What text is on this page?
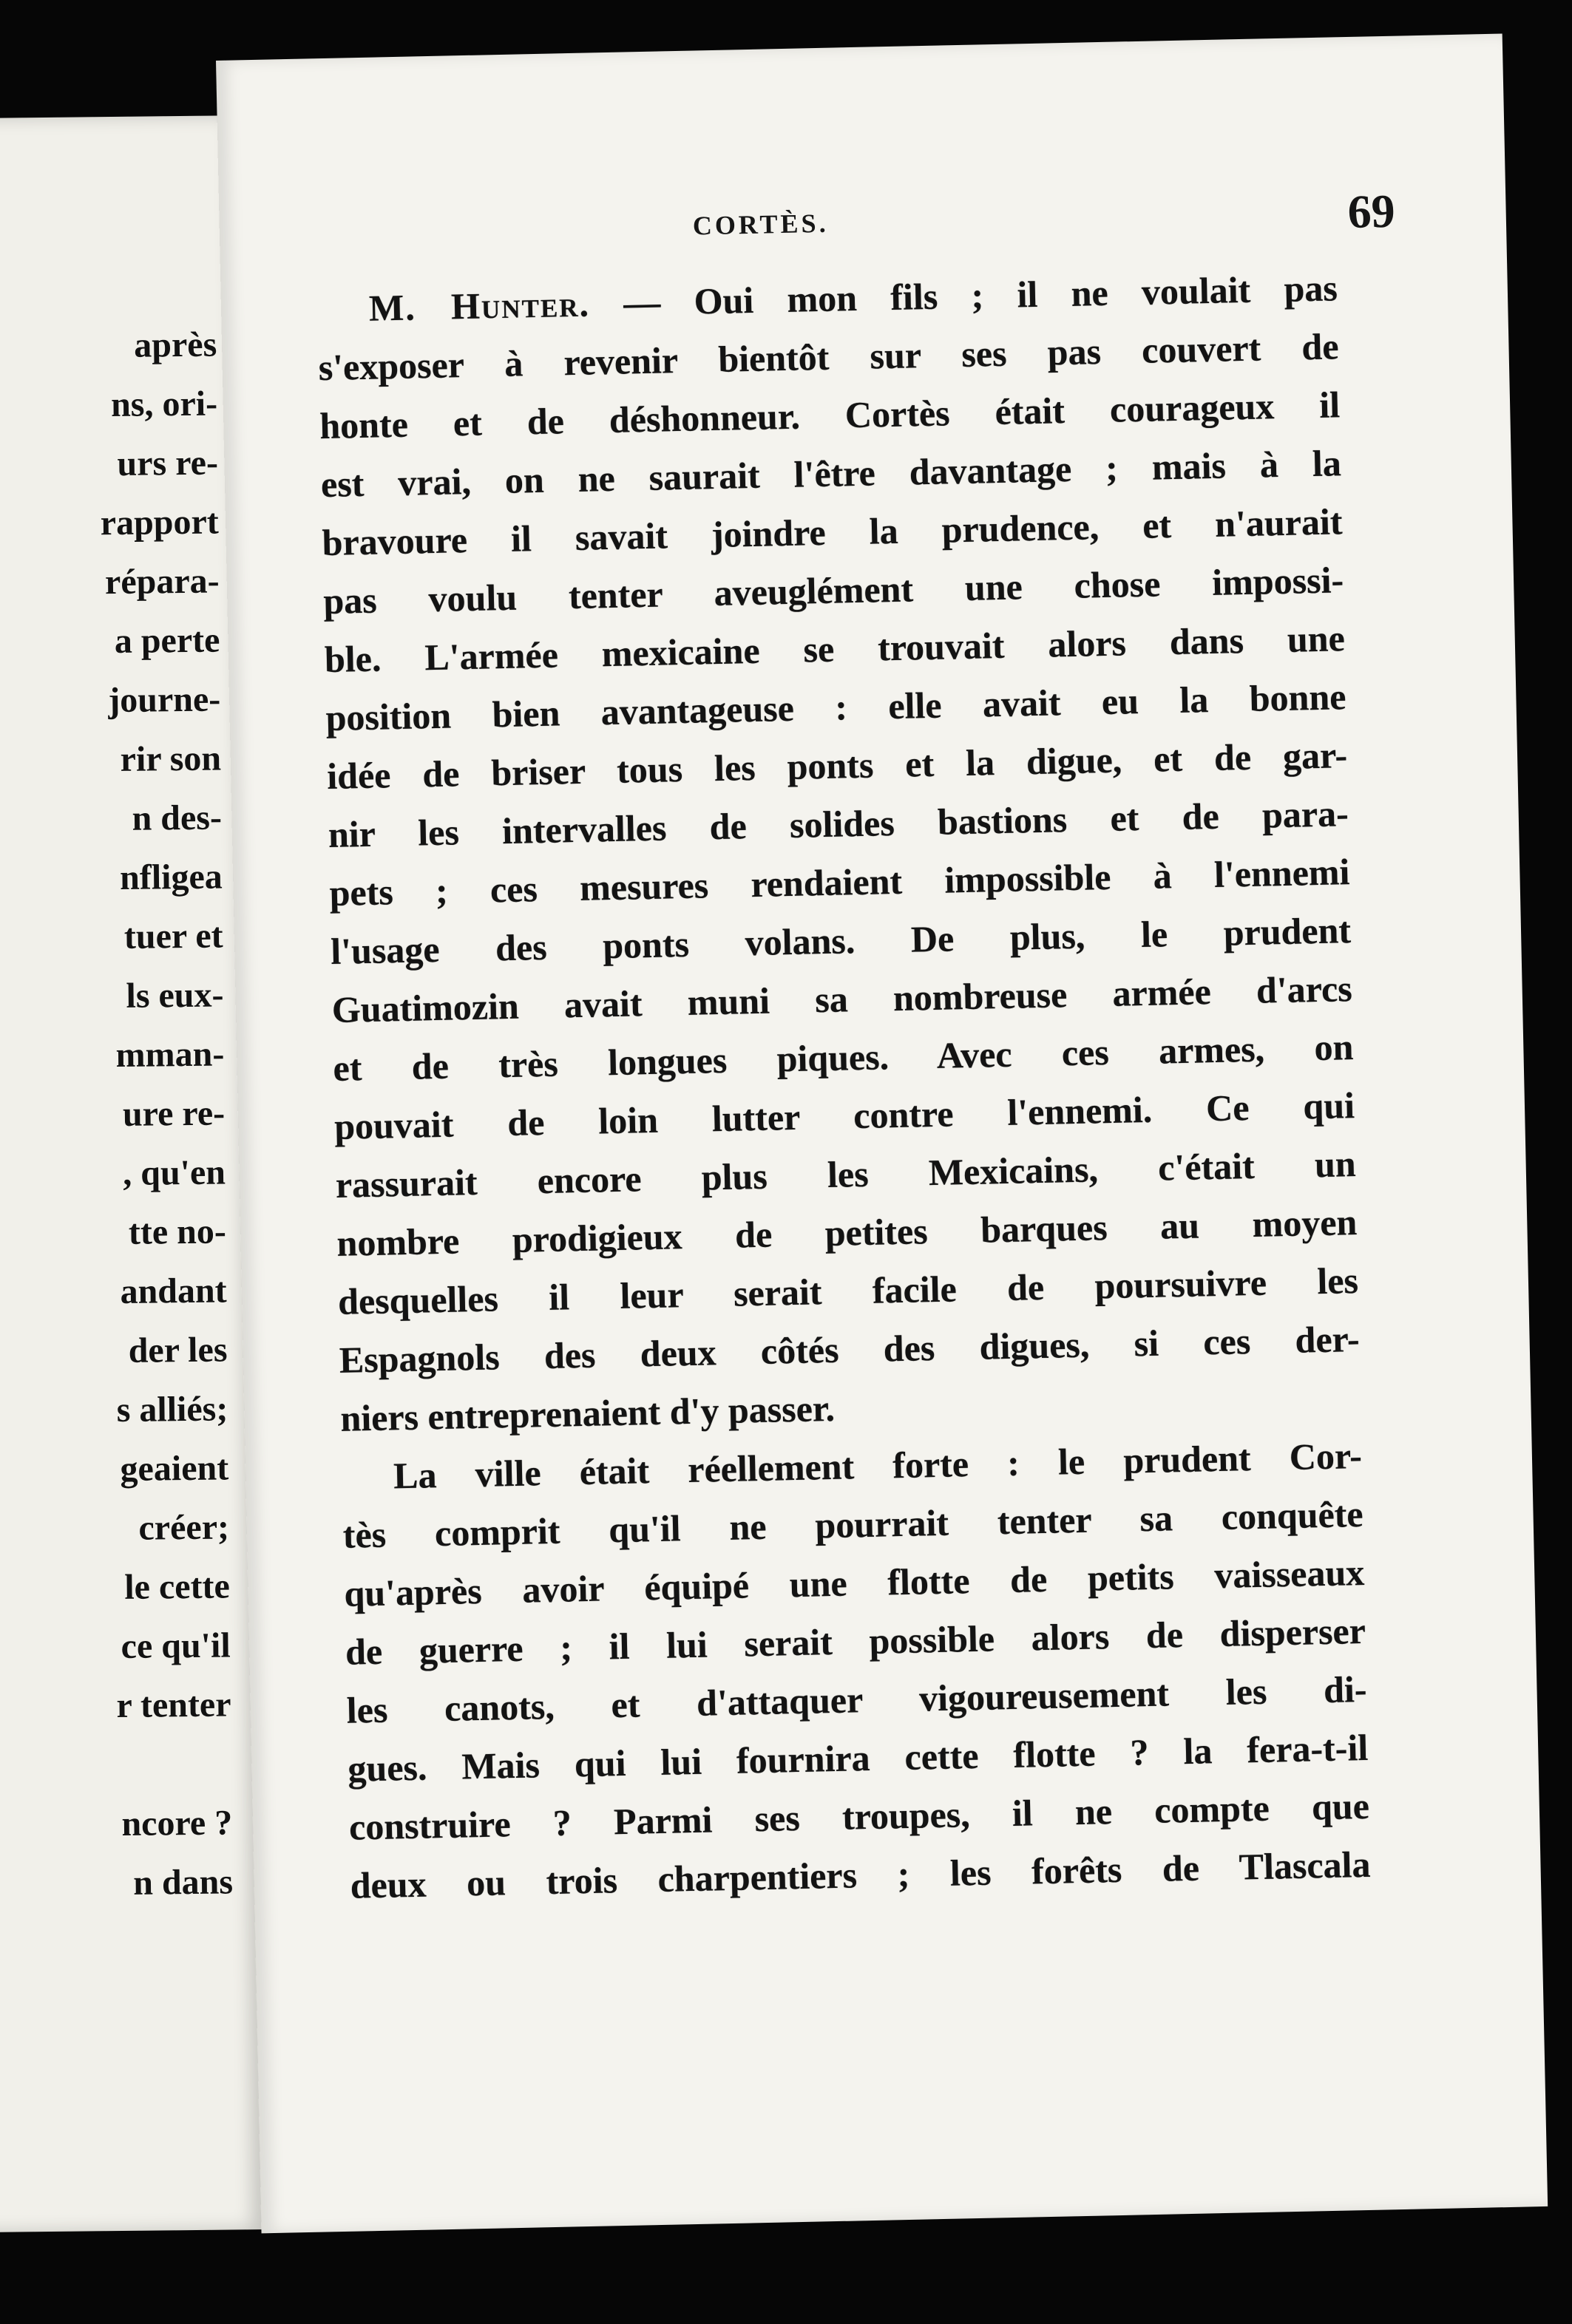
après
ns, ori-
urs re-
rapport
répara-
a perte
journe-
rir son
n des-
nfligea
tuer et
ls eux-
mman-
ure re-
, qu'en
tte no-
andant
der les
s alliés;
geaient
créer;
le cette
ce qu'il
r tenter
ncore ?
n dans
CORTÈS.	69
M. Hunter. — Oui mon fils ; il ne voulait pas
s'exposer à revenir bientôt sur ses pas couvert de
honte et de déshonneur. Cortès était courageux il
est vrai, on ne saurait l'être davantage ; mais à la
bravoure il savait joindre la prudence, et n'aurait
pas voulu tenter aveuglément une chose impossi-
ble. L'armée mexicaine se trouvait alors dans une
position bien avantageuse : elle avait eu la bonne
idée de briser tous les ponts et la digue, et de gar-
nir les intervalles de solides bastions et de para-
pets ; ces mesures rendaient impossible à l'ennemi
l'usage des ponts volans. De plus, le prudent
Guatimozin avait muni sa nombreuse armée d'arcs
et de très longues piques. Avec ces armes, on
pouvait de loin lutter contre l'ennemi. Ce qui
rassurait encore plus les Mexicains, c'était un
nombre prodigieux de petites barques au moyen
desquelles il leur serait facile de poursuivre les
Espagnols des deux côtés des digues, si ces der-
niers entreprenaient d'y passer.
La ville était réellement forte : le prudent Cor-
tès comprit qu'il ne pourrait tenter sa conquête
qu'après avoir équipé une flotte de petits vaisseaux
de guerre ; il lui serait possible alors de disperser
les canots, et d'attaquer vigoureusement les di-
gues. Mais qui lui fournira cette flotte ? la fera-t-il
construire ? Parmi ses troupes, il ne compte que
deux ou trois charpentiers ; les forêts de Tlascala
